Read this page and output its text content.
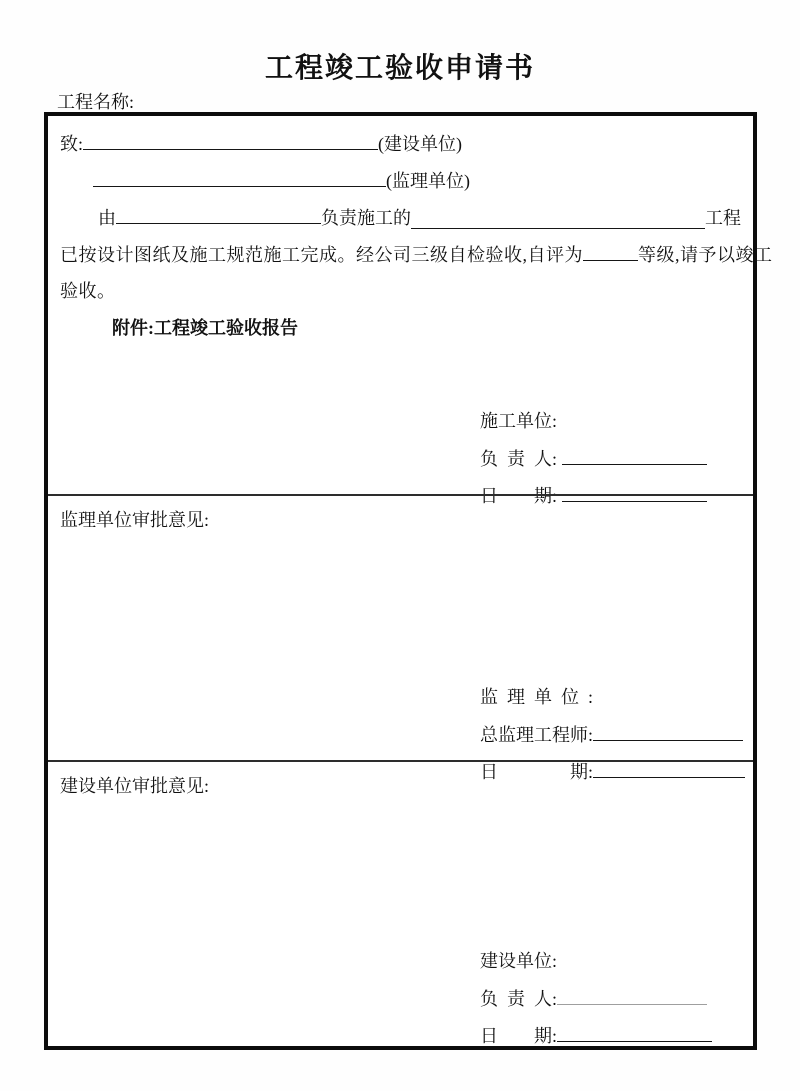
工程竣工验收申请书
工程名称:
致:	(建设单位)
(监理单位)
由	负责施工的	工程
已按设计图纸及施工规范施工完成。经公司三级自检验收,自评为	等级,请予以竣工
验收。
附件:工程竣工验收报告

施工单位:

负  责  人:

日　　期:

监理单位审批意见:

监  理  单  位  :

总监理工程师:

日　　　　期:

建设单位审批意见:

建设单位:

负  责  人:

日　　期:
